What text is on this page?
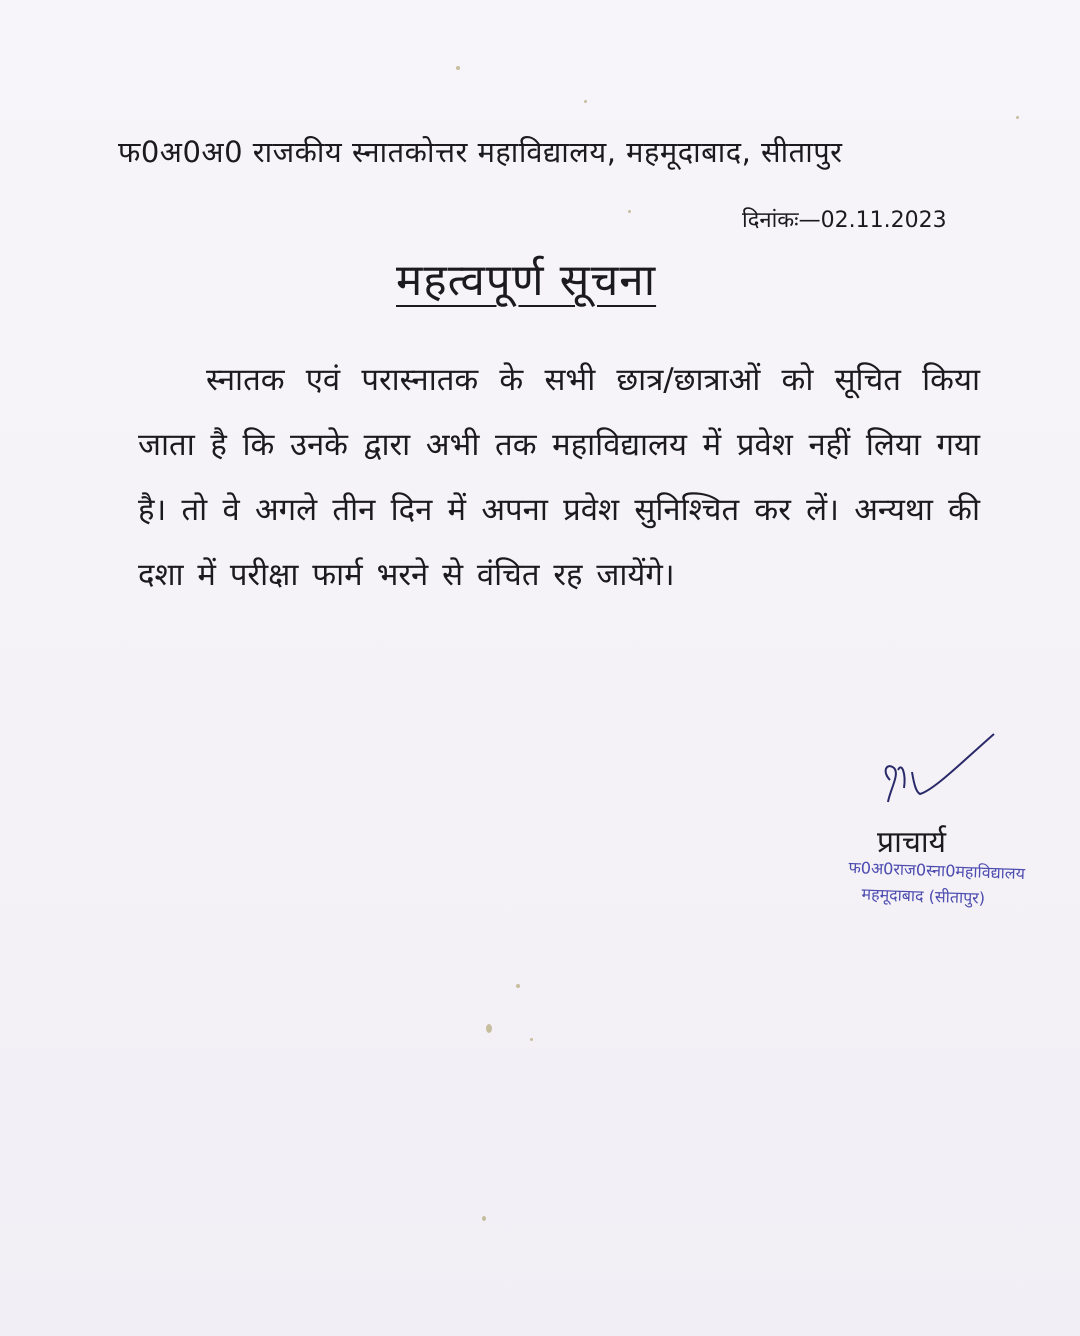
फ0अ0अ0 राजकीय स्नातकोत्तर महाविद्यालय, महमूदाबाद, सीतापुर
दिनांकः—02.11.2023
महत्वपूर्ण सूचना
स्नातक एवं परास्नातक के सभी छात्र/छात्राओं को सूचित किया जाता है कि उनके द्वारा अभी तक महाविद्यालय में प्रवेश नहीं लिया गया है। तो वे अगले तीन दिन में अपना प्रवेश सुनिश्चित कर लें। अन्यथा की दशा में परीक्षा फार्म भरने से वंचित रह जायेंगे।
प्राचार्य
फ0अ0राज0स्ना0महाविद्यालय
महमूदाबाद (सीतापुर)
